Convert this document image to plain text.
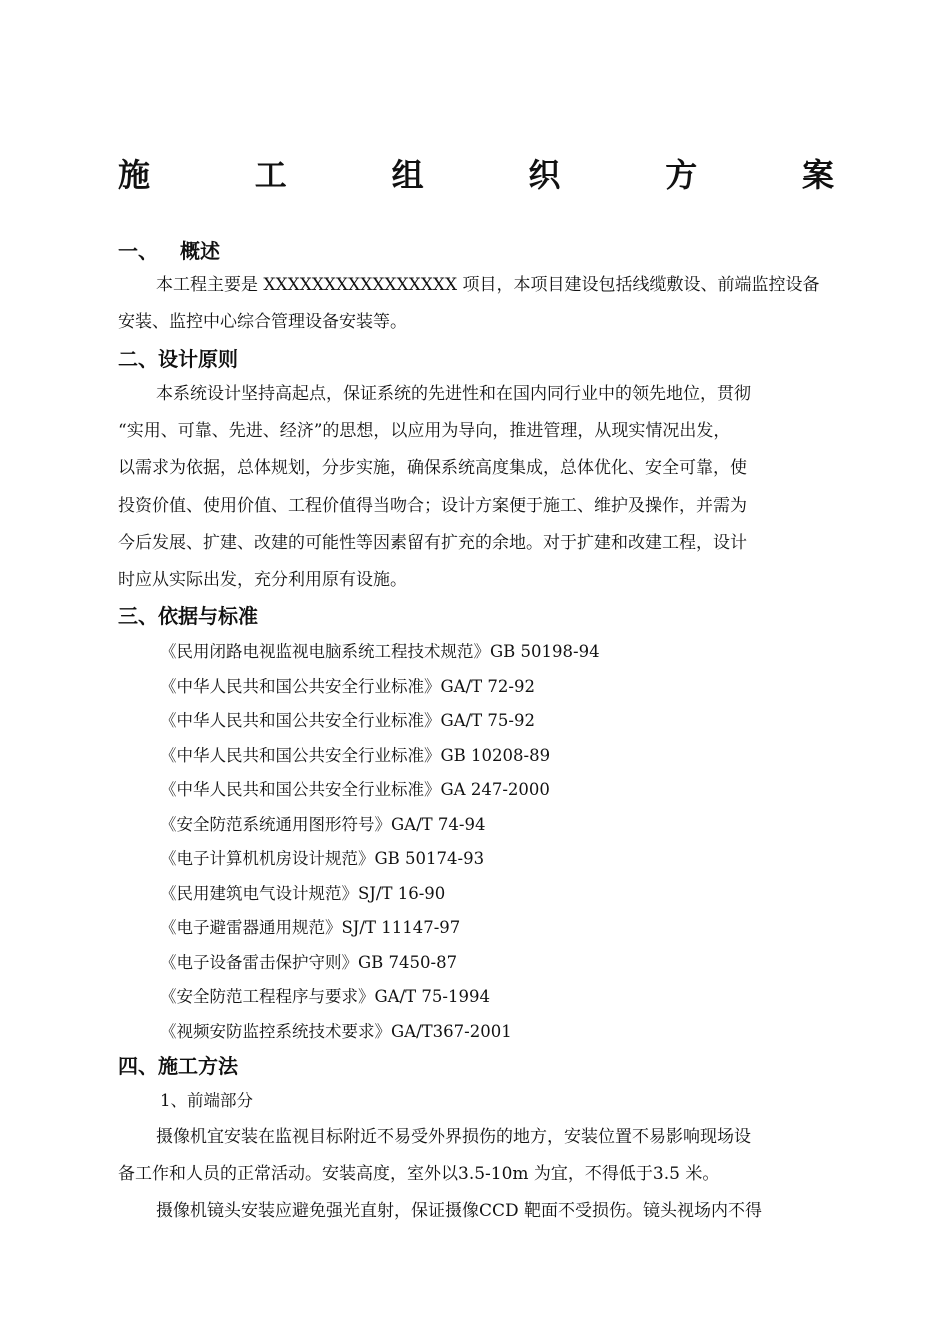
施	工	组	织	方	案
一、 概述
本工程主要是 XXXXXXXXXXXXXXXX 项目，本项目建设包括线缆敷设、前端监控设备
安装、监控中心综合管理设备安装等。
二、设计原则
本系统设计坚持高起点，保证系统的先进性和在国内同行业中的领先地位，贯彻
“实用、可靠、先进、经济”的思想，以应用为导向，推进管理，从现实情况出发，
以需求为依据，总体规划，分步实施，确保系统高度集成，总体优化、安全可靠，使
投资价值、使用价值、工程价值得当吻合；设计方案便于施工、维护及操作，并需为
今后发展、扩建、改建的可能性等因素留有扩充的余地。对于扩建和改建工程，设计
时应从实际出发，充分利用原有设施。
三、依据与标准
《民用闭路电视监视电脑系统工程技术规范》GB 50198-94
《中华人民共和国公共安全行业标准》GA/T 72-92
《中华人民共和国公共安全行业标准》GA/T 75-92
《中华人民共和国公共安全行业标准》GB 10208-89
《中华人民共和国公共安全行业标准》GA 247-2000
《安全防范系统通用图形符号》GA/T 74-94
《电子计算机机房设计规范》GB 50174-93
《民用建筑电气设计规范》SJ/T 16-90
《电子避雷器通用规范》SJ/T 11147-97
《电子设备雷击保护守则》GB 7450-87
《安全防范工程程序与要求》GA/T 75-1994
《视频安防监控系统技术要求》GA/T367-2001
四、施工方法
1、前端部分
摄像机宜安装在监视目标附近不易受外界损伤的地方，安装位置不易影响现场设
备工作和人员的正常活动。安装高度，室外以3.5-10m 为宜，不得低于3.5 米。
摄像机镜头安装应避免强光直射，保证摄像CCD 靶面不受损伤。镜头视场内不得
